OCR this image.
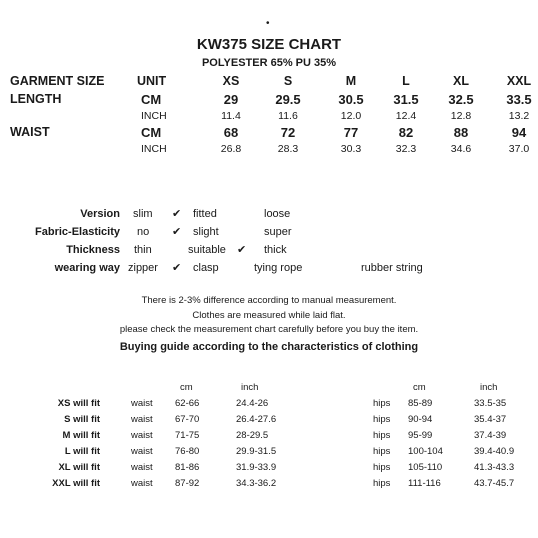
•
KW375 SIZE CHART
POLYESTER 65% PU 35%
GARMENT SIZE	UNIT	XS	S	M	L	XL	XXL
LENGTH	CM	29	29.5	30.5	31.5	32.5	33.5
INCH	11.4	11.6	12.0	12.4	12.8	13.2
WAIST	CM	68	72	77	82	88	94
INCH	26.8	28.3	30.3	32.3	34.6	37.0
Version slim ✔ fitted	loose
Fabric-Elasticity no ✔ slight	super
Thickness thin	suitable ✔ thick
wearing way zipper ✔ clasp	tying rope	rubber string
There is 2-3% difference according to manual measurement.
Clothes are measured while laid flat.
please check the measurement chart carefully before you buy the item.
Buying guide according to the characteristics of clothing
cm	inch	cm	inch
XS will fit	waist 62-66	24.4-26	hips 85-89	33.5-35
S will fit	waist 67-70	26.4-27.6	hips 90-94	35.4-37
M will fit	waist 71-75	28-29.5	hips 95-99	37.4-39
L will fit	waist 76-80	29.9-31.5	hips 100-104	39.4-40.9
XL will fit	waist 81-86	31.9-33.9	hips 105-110	41.3-43.3
XXL will fit	waist 87-92	34.3-36.2	hips 111-116	43.7-45.7
